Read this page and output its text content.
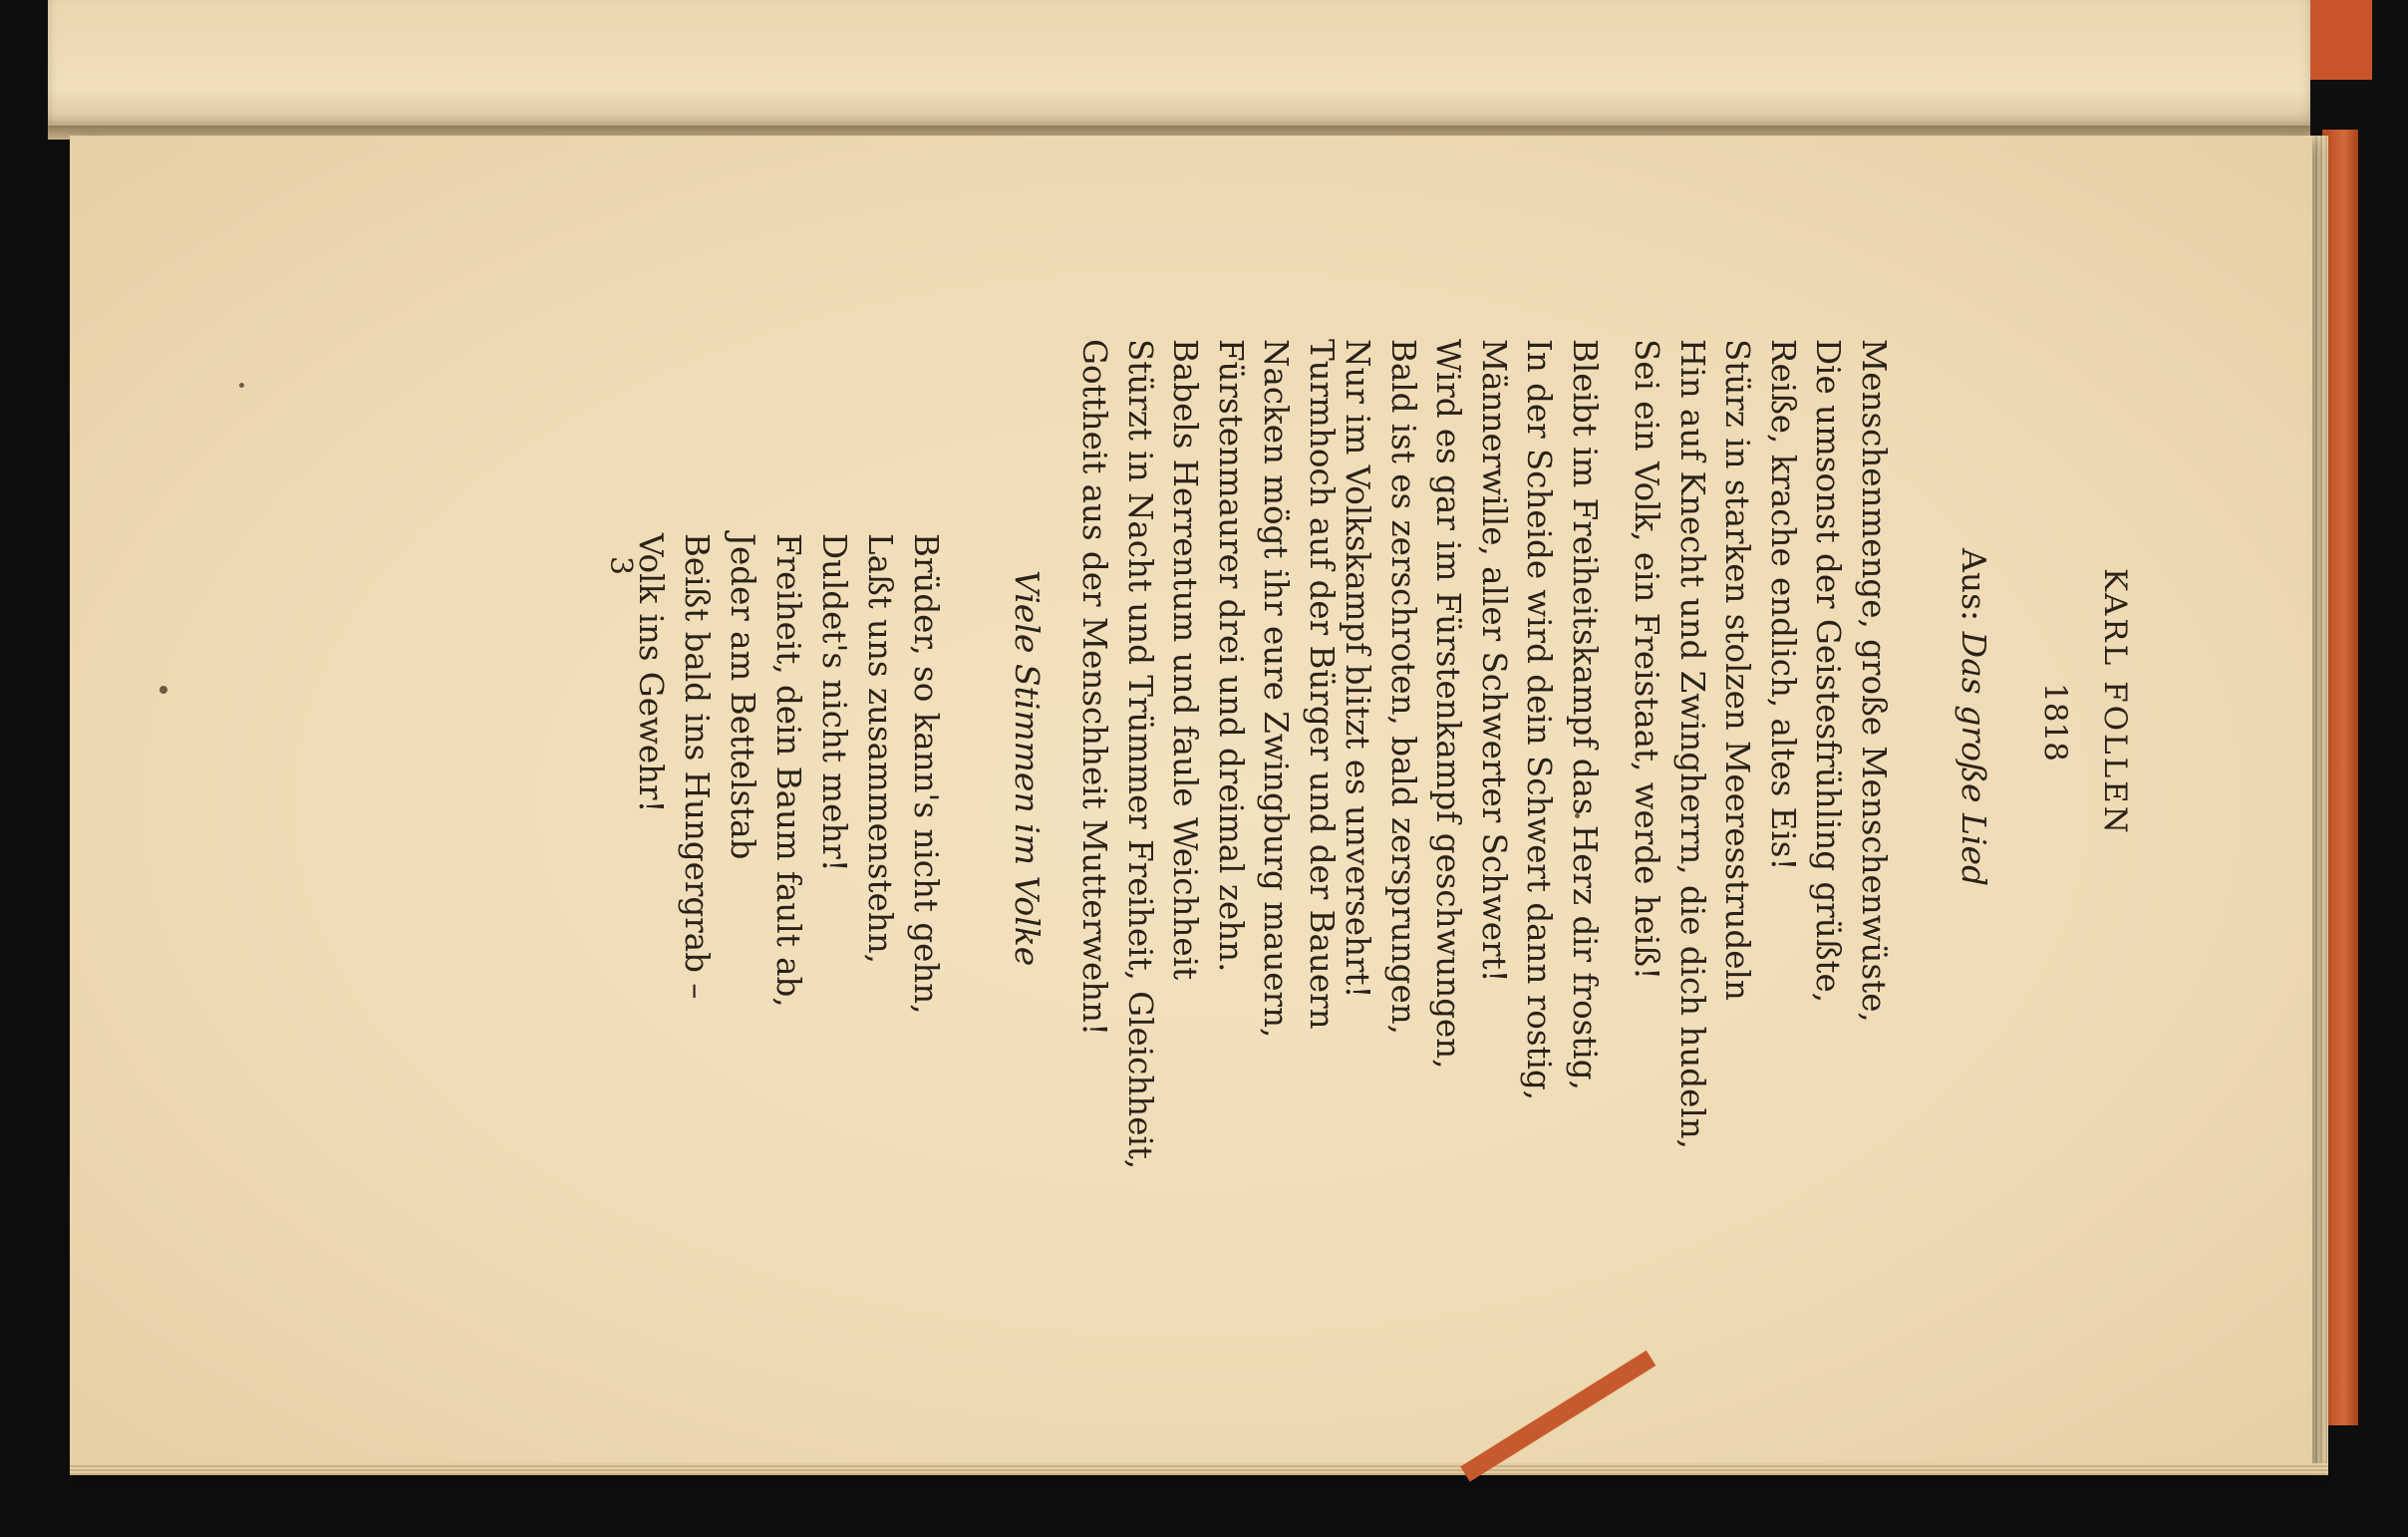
KARL FOLLEN
1818
Aus: Das große Lied
Menschenmenge, große Menschenwüste,
Die umsonst der Geistesfrühling grüßte,
Reiße, krache endlich, altes Eis!
Stürz in starken stolzen Meeresstrudeln
Hin auf Knecht und Zwingherrn, die dich hudeln,
Sei ein Volk, ein Freistaat, werde heiß!
Bleibt im Freiheitskampf das Herz dir frostig,
In der Scheide wird dein Schwert dann rostig,
Männerwille, aller Schwerter Schwert!
Wird es gar im Fürstenkampf geschwungen,
Bald ist es zerschroten, bald zersprungen,
Nur im Volkskampf blitzt es unversehrt!
Turmhoch auf der Bürger und der Bauern
Nacken mögt ihr eure Zwingburg mauern,
Fürstenmaurer drei und dreimal zehn.
Babels Herrentum und faule Weichheit
Stürzt in Nacht und Trümmer Freiheit, Gleichheit,
Gottheit aus der Menschheit Mutterwehn!
Viele Stimmen im Volke
Brüder, so kann's nicht gehn,
Laßt uns zusammenstehn,
Duldet's nicht mehr!
Freiheit, dein Baum fault ab,
Jeder am Bettelstab
Beißt bald ins Hungergrab –
Volk ins Gewehr!
3
